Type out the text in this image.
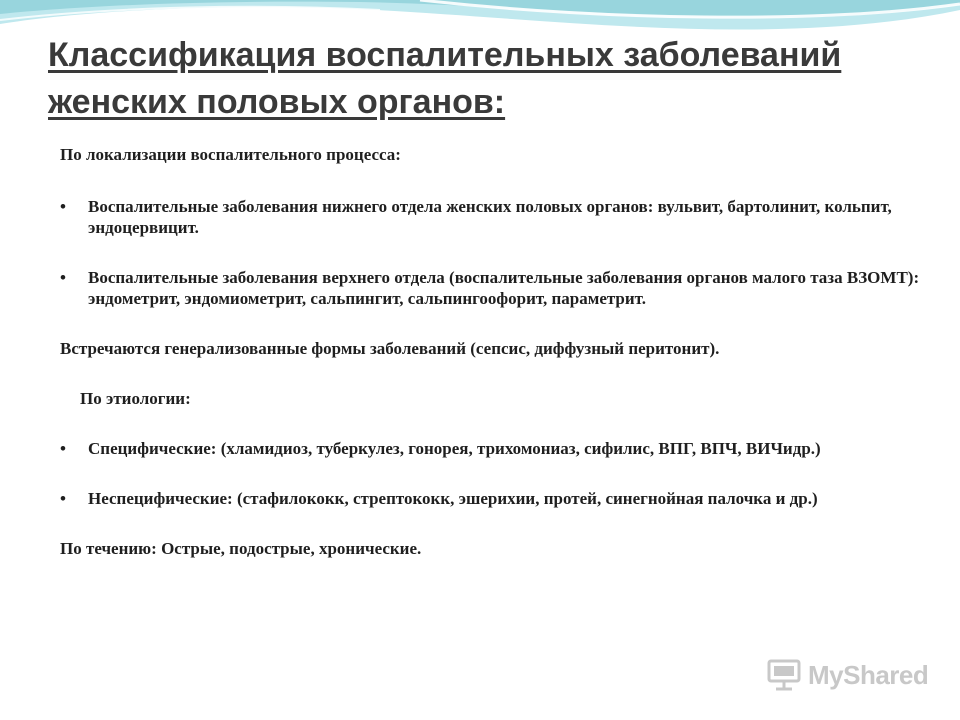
Классификация воспалительных заболеваний женских половых органов:

По локализации воспалительного процесса:

• Воспалительные заболевания нижнего отдела женских половых органов: вульвит, бартолинит, кольпит, эндоцервицит.
• Воспалительные заболевания верхнего отдела (воспалительные заболевания органов малого таза ВЗОМТ): эндометрит, эндомиометрит, сальпингит, сальпингоофорит, параметрит.

Встречаются генерализованные формы заболеваний (сепсис, диффузный перитонит).

По этиологии:

• Специфические: (хламидиоз, туберкулез, гонорея, трихомониаз, сифилис, ВПГ, ВПЧ, ВИЧидр.)
• Неспецифические: (стафилококк, стрептококк, эшерихии, протей, синегнойная палочка и др.)

По течению: Острые, подострые, хронические.

MyShared
